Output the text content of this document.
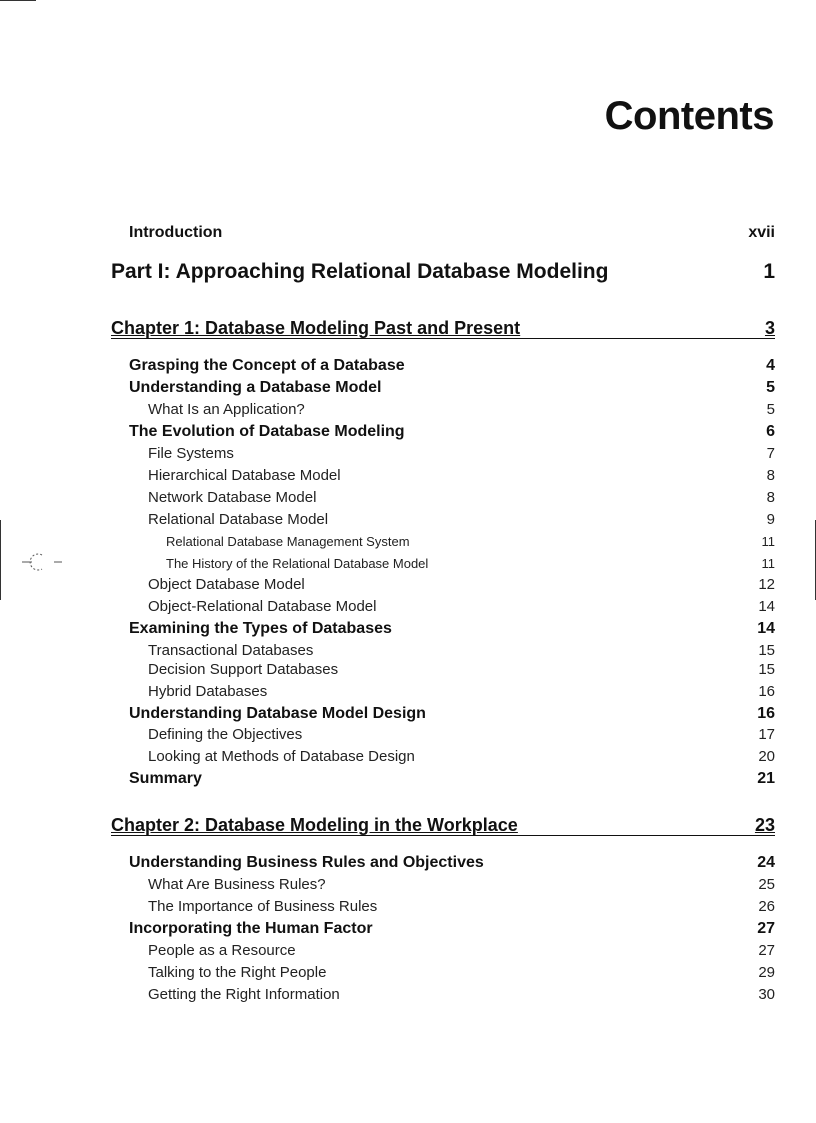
Contents
Introduction	xvii
Part I: Approaching Relational Database Modeling	1
Chapter 1: Database Modeling Past and Present	3
Grasping the Concept of a Database	4
Understanding a Database Model	5
What Is an Application?	5
The Evolution of Database Modeling	6
File Systems	7
Hierarchical Database Model	8
Network Database Model	8
Relational Database Model	9
Relational Database Management System	11
The History of the Relational Database Model	11
Object Database Model	12
Object-Relational Database Model	14
Examining the Types of Databases	14
Transactional Databases	15
Decision Support Databases	15
Hybrid Databases	16
Understanding Database Model Design	16
Defining the Objectives	17
Looking at Methods of Database Design	20
Summary	21
Chapter 2: Database Modeling in the Workplace	23
Understanding Business Rules and Objectives	24
What Are Business Rules?	25
The Importance of Business Rules	26
Incorporating the Human Factor	27
People as a Resource	27
Talking to the Right People	29
Getting the Right Information	30
